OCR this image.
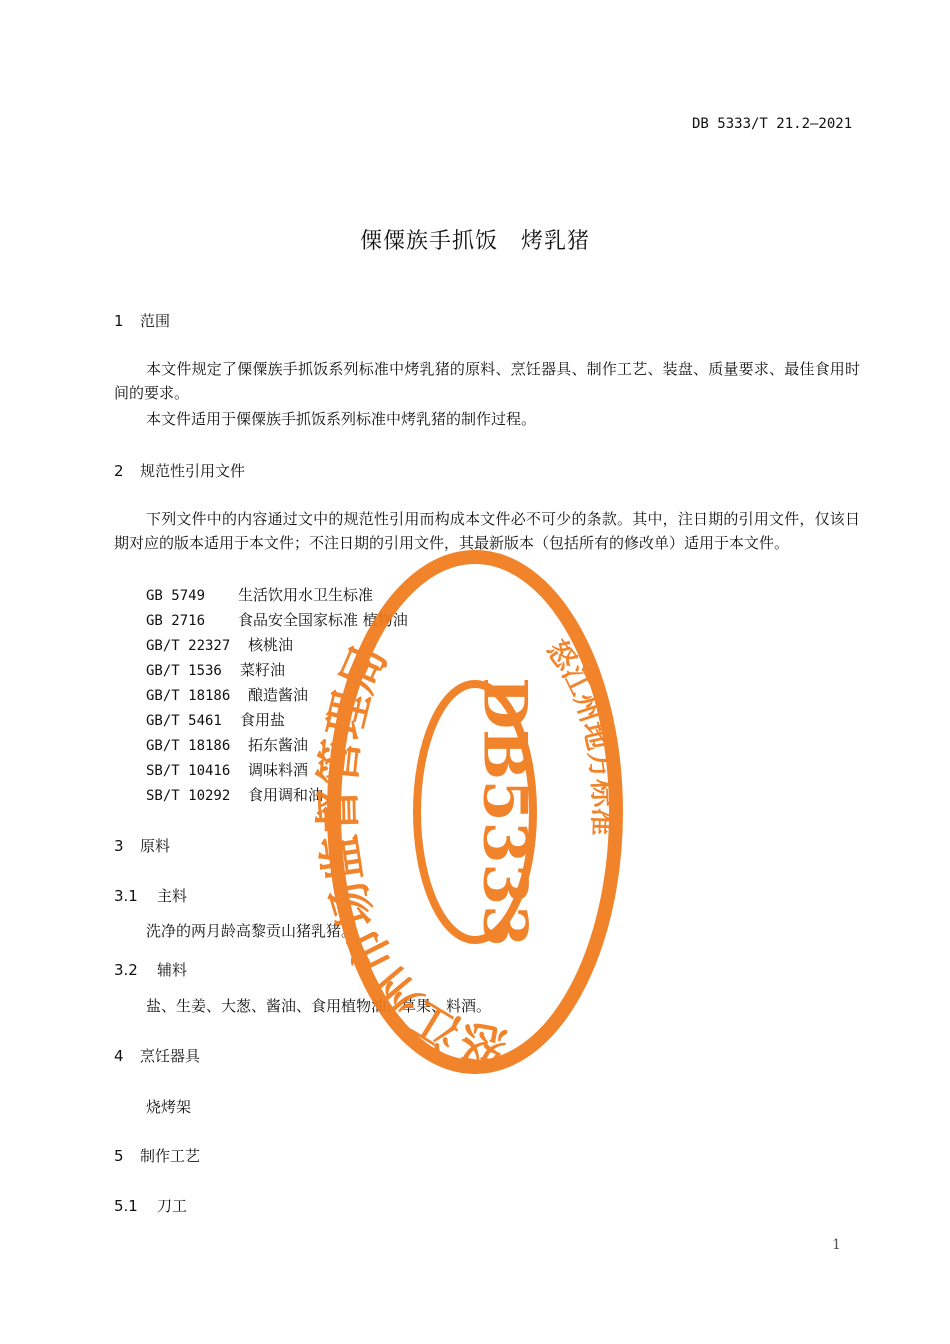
DB 5333/T 21.2—2021
傈僳族手抓饭　烤乳猪
1 范围
本文件规定了傈僳族手抓饭系列标准中烤乳猪的原料、烹饪器具、制作工艺、装盘、质量要求、最佳食用时间的要求。
本文件适用于傈僳族手抓饭系列标准中烤乳猪的制作过程。
2 规范性引用文件
下列文件中的内容通过文中的规范性引用而构成本文件必不可少的条款。其中，注日期的引用文件，仅该日期对应的版本适用于本文件；不注日期的引用文件，其最新版本（包括所有的修改单）适用于本文件。
GB 5749 生活饮用水卫生标准
GB 2716 食品安全国家标准 植物油
GB/T 22327 核桃油
GB/T 1536 菜籽油
GB/T 18186 酿造酱油
GB/T 5461 食用盐
GB/T 18186 拓东酱油
SB/T 10416 调味料酒
SB/T 10292 食用调和油
3 原料
3.1 主料
洗净的两月龄高黎贡山猪乳猪。
3.2 辅料
盐、生姜、大葱、酱油、食用植物油、草果、料酒。
4 烹饪器具
烧烤架
5 制作工艺
5.1 刀工
1
怒江州市场监督管理局	怒江州地方标准
DB5333
